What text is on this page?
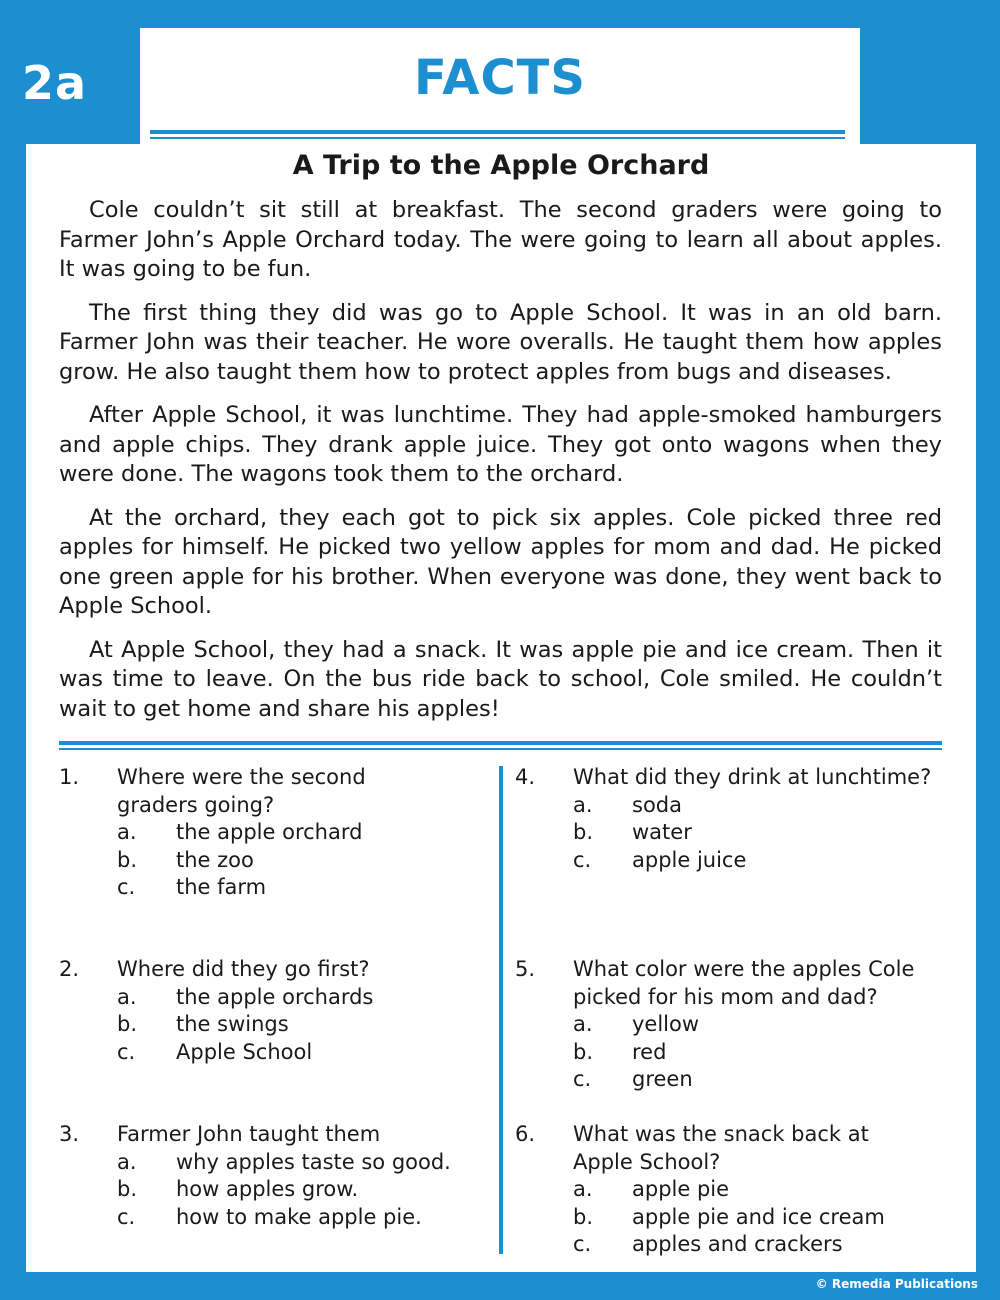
2a	FACTS
A Trip to the Apple Orchard

Cole couldn’t sit still at breakfast. The second graders were going to Farmer John’s Apple Orchard today. The were going to learn all about apples. It was going to be fun.

The first thing they did was go to Apple School. It was in an old barn. Farmer John was their teacher. He wore overalls. He taught them how apples grow. He also taught them how to protect apples from bugs and diseases.

After Apple School, it was lunchtime. They had apple-smoked hamburgers and apple chips. They drank apple juice. They got onto wagons when they were done. The wagons took them to the orchard.

At the orchard, they each got to pick six apples. Cole picked three red apples for himself. He picked two yellow apples for mom and dad. He picked one green apple for his brother. When everyone was done, they went back to Apple School.

At Apple School, they had a snack. It was apple pie and ice cream. Then it was time to leave. On the bus ride back to school, Cole smiled. He couldn’t wait to get home and share his apples!

1. Where were the second graders going?
a. the apple orchard
b. the zoo
c. the farm
2. Where did they go first?
a. the apple orchards
b. the swings
c. Apple School
3. Farmer John taught them
a. why apples taste so good.
b. how apples grow.
c. how to make apple pie.
4. What did they drink at lunchtime?
a. soda
b. water
c. apple juice
5. What color were the apples Cole picked for his mom and dad?
a. yellow
b. red
c. green
6. What was the snack back at Apple School?
a. apple pie
b. apple pie and ice cream
c. apples and crackers
© Remedia Publications
